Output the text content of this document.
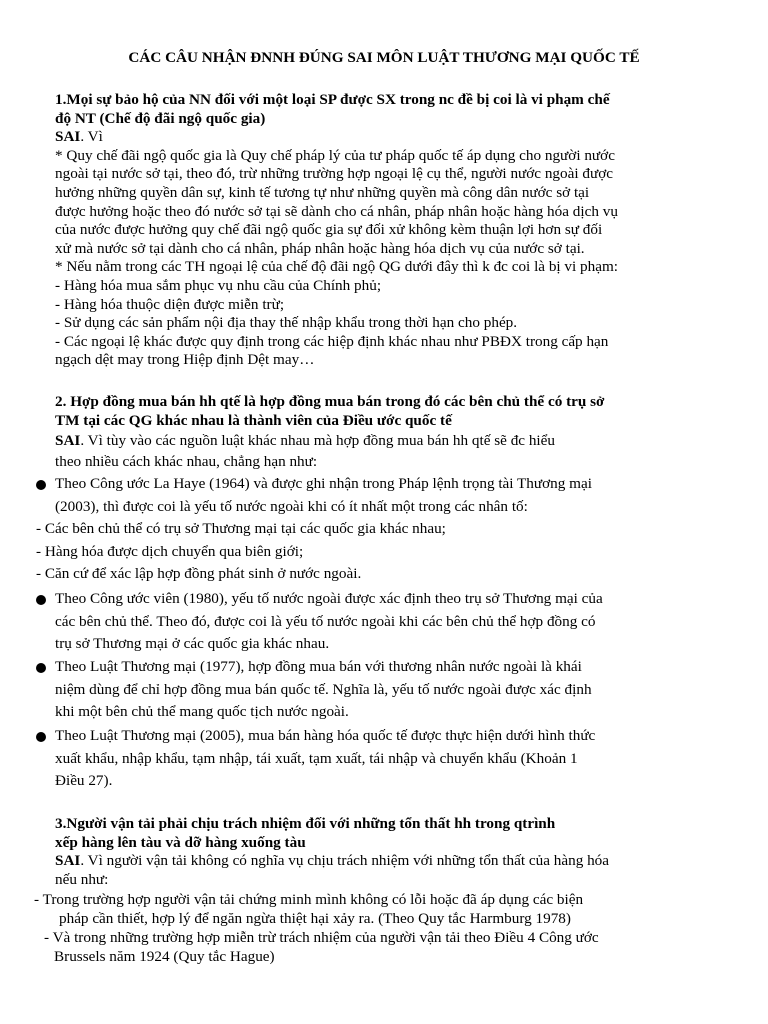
CÁC CÂU NHẬN ĐNNH ĐÚNG SAI MÔN LUẬT THƯƠNG MẠI QUỐC TẾ
1.Mọi sự bảo hộ của NN đối với một loại SP được SX trong nc đề bị coi là vi phạm chế
độ NT (Chế độ đãi ngộ quốc gia)
SAI. Vì
* Quy chế đãi ngộ quốc gia là Quy chế pháp lý của tư pháp quốc tế áp dụng cho người nước
ngoài tại nước sở tại, theo đó, trừ những trường hợp ngoại lệ cụ thể, người nước ngoài được
hưởng những quyền dân sự, kinh tế tương tự như những quyền mà công dân nước sở tại
được hưởng hoặc theo đó nước sở tại sẽ dành cho cá nhân, pháp nhân hoặc hàng hóa dịch vụ
của nước được hưởng quy chế đãi ngộ quốc gia sự đối xử không kèm thuận lợi hơn sự đối
xử mà nước sở tại dành cho cá nhân, pháp nhân hoặc hàng hóa dịch vụ của nước sở tại.
* Nếu nằm trong các TH ngoại lệ của chế độ đãi ngộ QG dưới đây thì k đc coi là bị vi phạm:
- Hàng hóa mua sắm phục vụ nhu cầu của Chính phủ;
- Hàng hóa thuộc diện được miễn trừ;
- Sử dụng các sản phẩm nội địa thay thế nhập khẩu trong thời hạn cho phép.
- Các ngoại lệ khác được quy định trong các hiệp định khác nhau như PBĐX trong cấp hạn
ngạch dệt may trong Hiệp định Dệt may…
2. Hợp đồng mua bán hh qtế là hợp đồng mua bán trong đó các bên chủ thể có trụ sở
TM tại các QG khác nhau là thành viên của Điều ước quốc tế
SAI. Vì tùy vào các nguồn luật khác nhau mà hợp đồng mua bán hh qtế sẽ đc hiểu
theo nhiều cách khác nhau, chẳng hạn như:
Theo Công ước La Haye (1964) và được ghi nhận trong Pháp lệnh trọng tài Thương mại
(2003), thì được coi là yếu tố nước ngoài khi có ít nhất một trong các nhân tố:
- Các bên chủ thể có trụ sở Thương mại tại các quốc gia khác nhau;
- Hàng hóa được dịch chuyển qua biên giới;
- Căn cứ để xác lập hợp đồng phát sinh ở nước ngoài.
Theo Công ước viên (1980), yếu tố nước ngoài được xác định theo trụ sở Thương mại của
các bên chủ thể. Theo đó, được coi là yếu tố nước ngoài khi các bên chủ thể hợp đồng có
trụ sở Thương mại ở các quốc gia khác nhau.
Theo Luật Thương mại (1977), hợp đồng mua bán với thương nhân nước ngoài là khái
niệm dùng để chỉ hợp đồng mua bán quốc tế. Nghĩa là, yếu tố nước ngoài được xác định
khi một bên chủ thể mang quốc tịch nước ngoài.
Theo Luật Thương mại (2005), mua bán hàng hóa quốc tế được thực hiện dưới hình thức
xuất khẩu, nhập khẩu, tạm nhập, tái xuất, tạm xuất, tái nhập và chuyển khẩu (Khoản 1
Điều 27).
3.Người vận tải phải chịu trách nhiệm đối với những tổn thất hh trong qtrình
xếp hàng lên tàu và dỡ hàng xuống tàu
SAI. Vì người vận tải không có nghĩa vụ chịu trách nhiệm với những tổn thất của hàng hóa
nếu như:
- Trong trường hợp người vận tải chứng minh mình không có lỗi hoặc đã áp dụng các biện
pháp cần thiết, hợp lý để ngăn ngừa thiệt hại xảy ra. (Theo Quy tắc Harmburg 1978)
- Và trong những trường hợp miễn trừ trách nhiệm của người vận tải theo Điều 4 Công ước
Brussels năm 1924 (Quy tắc Hague)
